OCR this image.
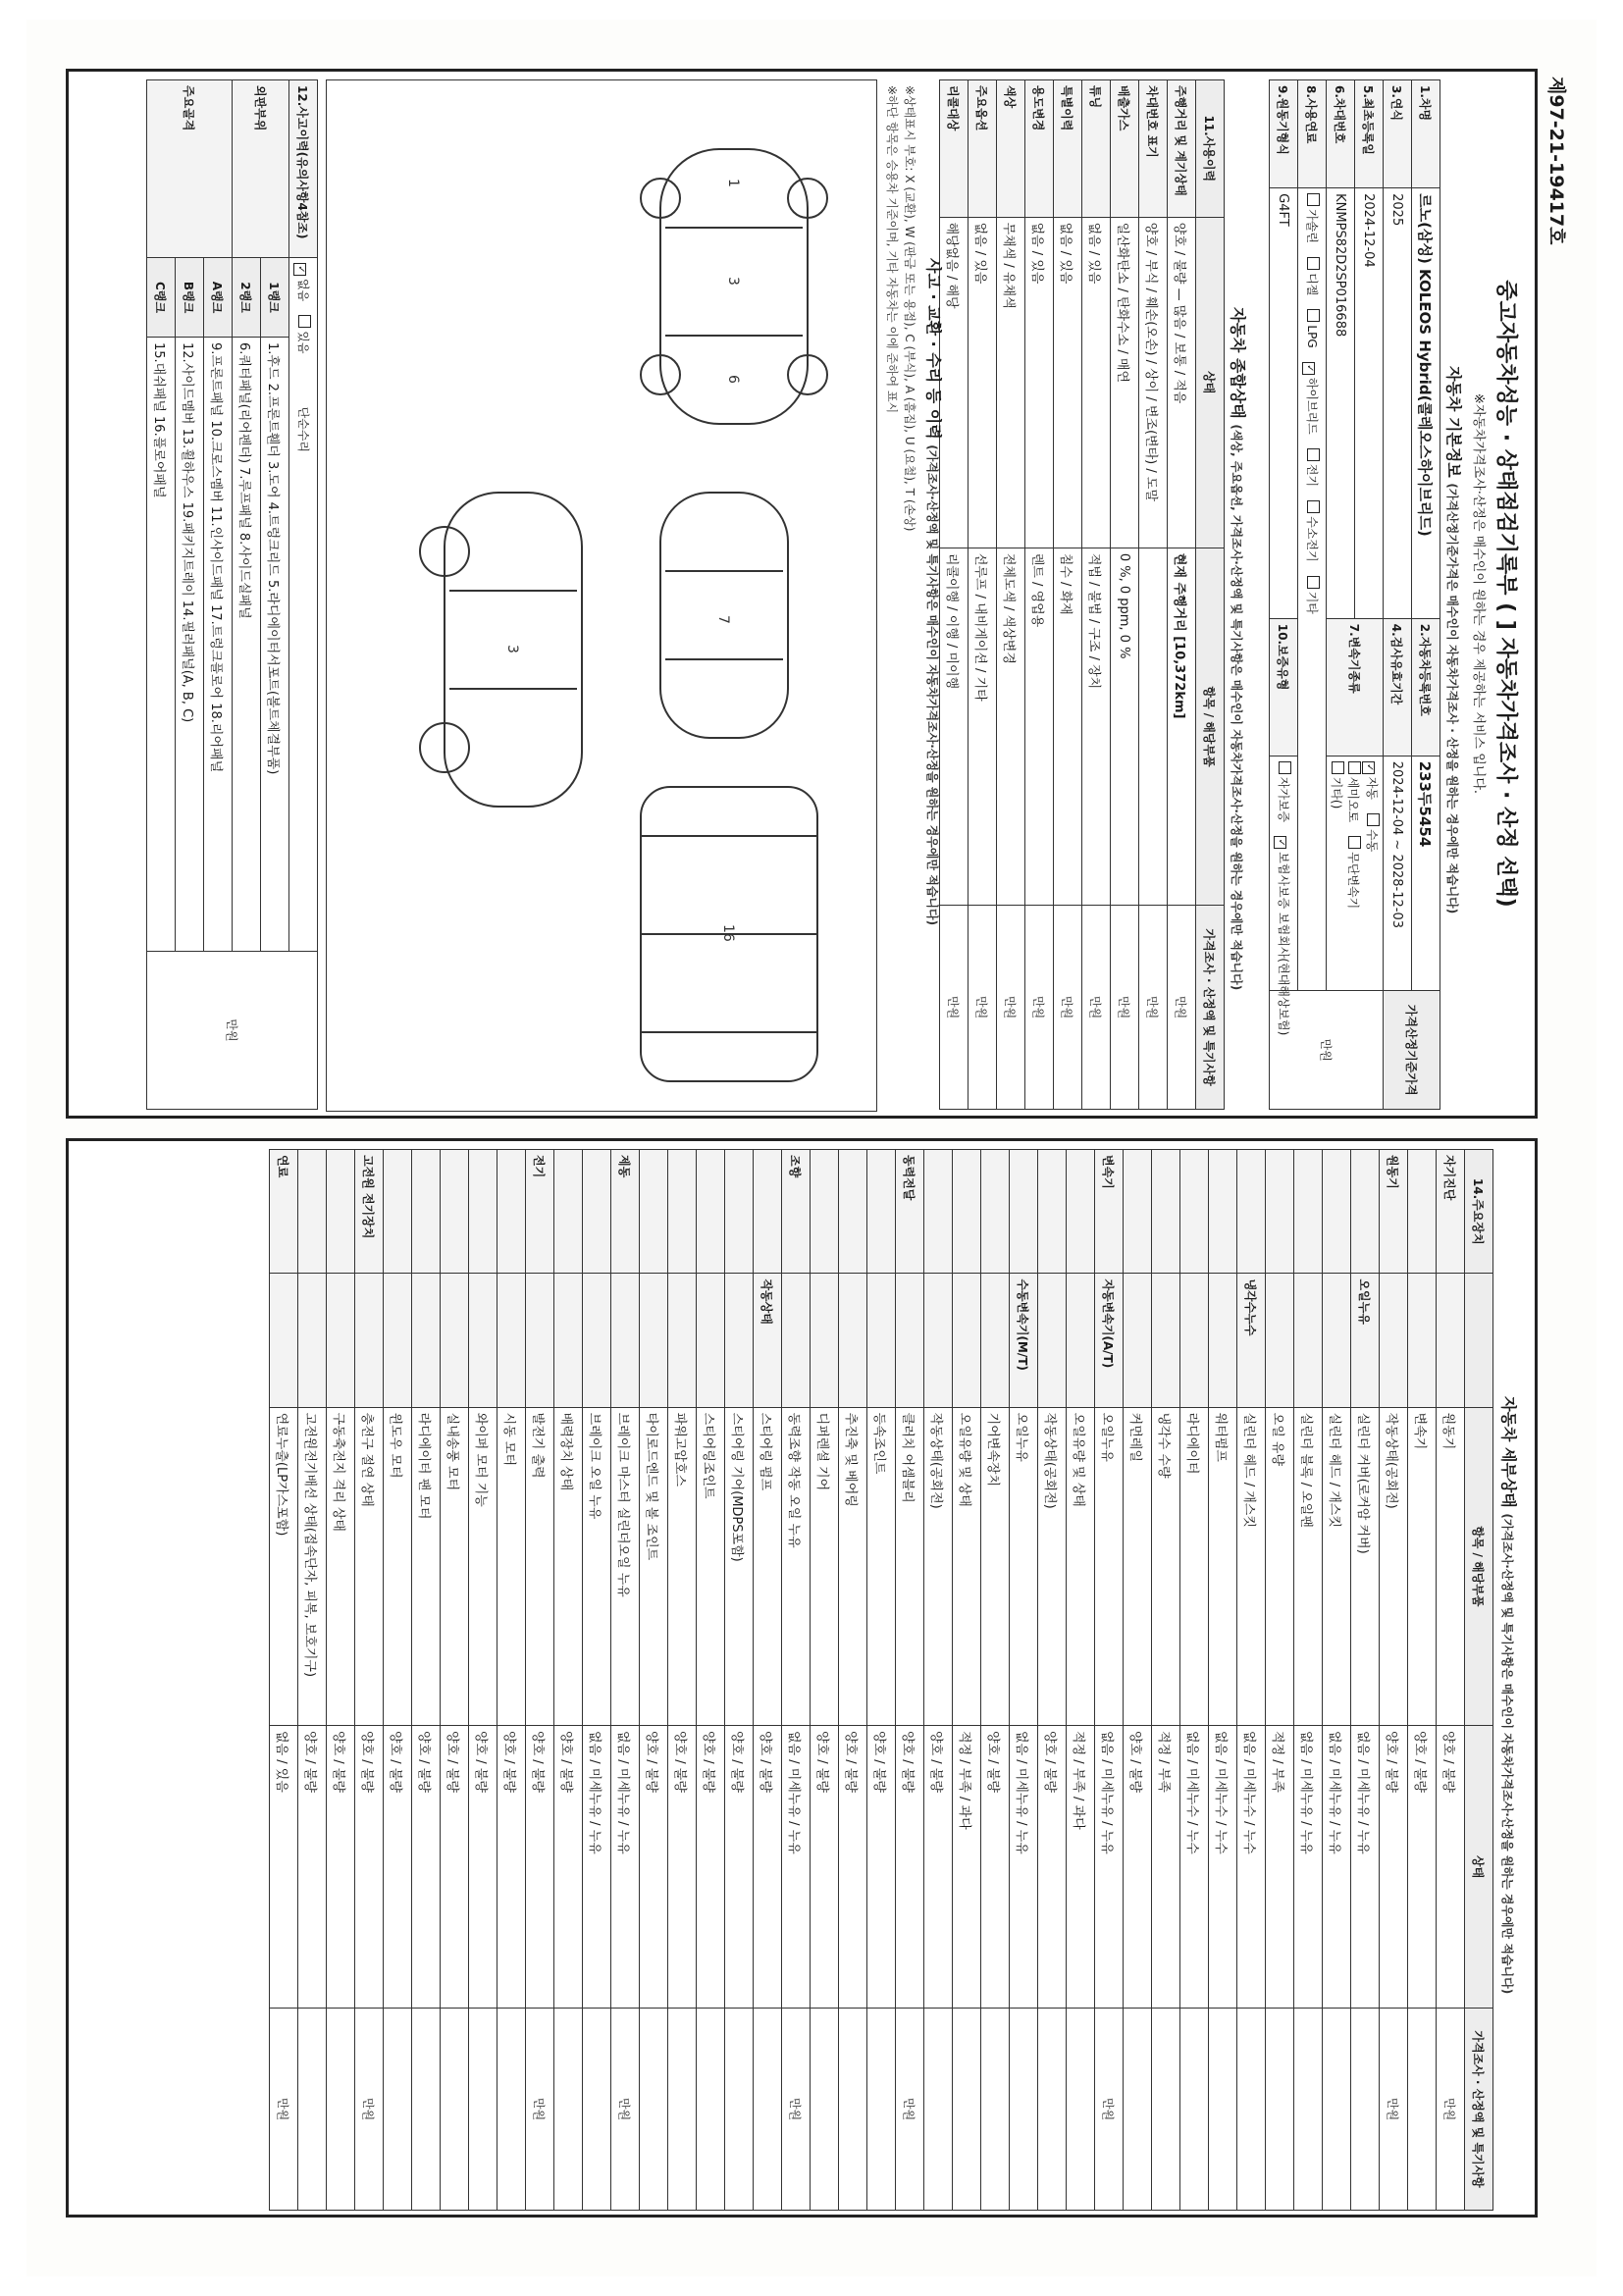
제97-21-19417호
중고자동차성능 · 상태점검기록부 ( ] 자동차가격조사 · 산정 선택)
※자동차가격조사·산정은 매수인이 원하는 경우 제공하는 서비스 입니다.
자동차 기본정보 (가격산정기준가격은 매수인이 자동차가격조사 · 산정을 원하는 경우에만 적습니다)
1.차명	르노(삼성) KOLEOS Hybrid(콜레오스하이브리드)	2.자동차등록번호	233두5454	가격산정기준가격
3.연식	2025	4.검사유효기간	2024-12-04 ~ 2028-12-03	
5.최초등록일	2024-12-04	7.변속기종류	✓자동 수동
세미오토 무단변속기
기타()	만원
6.차대번호	KNMPS82D2SP016688			
8.사용연료	가솔린 디젤 LPG ✓하이브리드 전기 수소전기 기타
9.원동기형식	G4FT	10.보증유형	자가보증 ✓보험사보증 보험회사(현대해상보험)
자동차 종합상태 (색상, 주요옵션, 가격조사·산정액 및 특기사항은 매수인이 자동차가격조사·산정을 원하는 경우에만 적습니다)
11.사용이력	상태	항목 / 해당부품	가격조사 · 산정액 및 특기사항
주행거리 및 계기상태	양호 / 불량 — 많음 / 보통 / 적음	현재 주행거리 [10,372km]	만원
차대번호 표기	양호 / 부식 / 훼손(오손) / 상이 / 변조(변타) / 도말		만원
배출가스	일산화탄소 / 탄화수소 / 매연	0 %, 0 ppm, 0 %	만원
튜닝	없음 / 있음	적법 / 불법 / 구조 / 장치	만원
특별이력	없음 / 있음	침수 / 화재	만원
용도변경	없음 / 있음	렌트 / 영업용	만원
색상	무채색 / 유채색	전체도색 / 색상변경	만원
주요옵션	없음 / 있음	선루프 / 내비게이션 / 기타	만원
리콜대상	해당없음 / 해당	리콜이행 / 이행 / 미이행	만원
사고 · 교환 · 수리 등 이력 (가격조사·산정액 및 특기사항은 매수인이 자동차가격조사·산정을 원하는 경우에만 적습니다)
※상태표시 부호: X (교환), W (판금 또는 용접), C (부식), A (흠집), U (요철), T (손상)
※하단 항목은 승용차 기준이며, 기타 자동차는 이에 준하여 표시
1
3
6
7
16
3
12.사고이력(유의사항4참조)	✓없음 있음 단순수리		만원
외판부위	1랭크	1.후드 2.프론트휀더 3.도어 4.트렁크리드 5.라디에이터서포트(볼트체결부품)	
	2랭크	6.쿼터패널(리어펜더) 7.루프패널 8.사이드실패널	
주요골격	A랭크	9.프론트패널 10.크로스멤버 11.인사이드패널 17.트렁크플로어 18.리어패널	
	B랭크	12.사이드멤버 13.휠하우스 19.패키지트레이 14.필러패널(A, B, C)	
	C랭크	15.대쉬패널 16.플로어패널	
자동차 세부상태 (가격조사·산정액 및 특기사항은 매수인이 자동차가격조사·산정을 원하는 경우에만 적습니다)
14.주요장치		항목 / 해당부품	상태	가격조사 · 산정액 및 특기사항
자기진단		원동기	양호 / 불량	만원
		변속기	양호 / 불량	
원동기		작동상태(공회전)	양호 / 불량	만원
	오일누유	실린더 커버(로커암 커버)	없음 / 미세누유 / 누유	
		실린더 헤드 / 개스킷	없음 / 미세누유 / 누유	
		실린더 블록 / 오일팬	없음 / 미세누유 / 누유	
		오일 유량	적정 / 부족	
	냉각수누수	실린더 헤드 / 개스킷	없음 / 미세누수 / 누수	
		워터펌프	없음 / 미세누수 / 누수	
		라디에이터	없음 / 미세누수 / 누수	
		냉각수 수량	적정 / 부족	
		커먼레일	양호 / 불량	
변속기	자동변속기(A/T)	오일누유	없음 / 미세누유 / 누유	만원
		오일유량 및 상태	적정 / 부족 / 과다	
		작동상태(공회전)	양호 / 불량	
	수동변속기(M/T)	오일누유	없음 / 미세누유 / 누유	
		기어변속장치	양호 / 불량	
		오일유량 및 상태	적정 / 부족 / 과다	
		작동상태(공회전)	양호 / 불량	
동력전달		클러치 어셈블리	양호 / 불량	만원
		등속조인트	양호 / 불량	
		추진축 및 베어링	양호 / 불량	
		디퍼렌셜 기어	양호 / 불량	
조향		동력조향 작동 오일 누유	없음 / 미세누유 / 누유	만원
	작동상태	스티어링 펌프	양호 / 불량	
		스티어링 기어(MDPS포함)	양호 / 불량	
		스티어링조인트	양호 / 불량	
		파워고압호스	양호 / 불량	
		타이로드엔드 및 볼 조인트	양호 / 불량	
제동		브레이크 마스터 실린더오일 누유	없음 / 미세누유 / 누유	만원
		브레이크 오일 누유	없음 / 미세누유 / 누유	
		배력장치 상태	양호 / 불량	
전기		발전기 출력	양호 / 불량	만원
		시동 모터	양호 / 불량	
		와이퍼 모터 기능	양호 / 불량	
		실내송풍 모터	양호 / 불량	
		라디에이터 팬 모터	양호 / 불량	
		윈도우 모터	양호 / 불량	
고전원 전기장치		충전구 절연 상태	양호 / 불량	만원
		구동축전지 격리 상태	양호 / 불량	
		고전원전기배선 상태(접속단자, 피복, 보호기구)	양호 / 불량	
연료		연료누출(LP가스포함)	없음 / 있음	만원
